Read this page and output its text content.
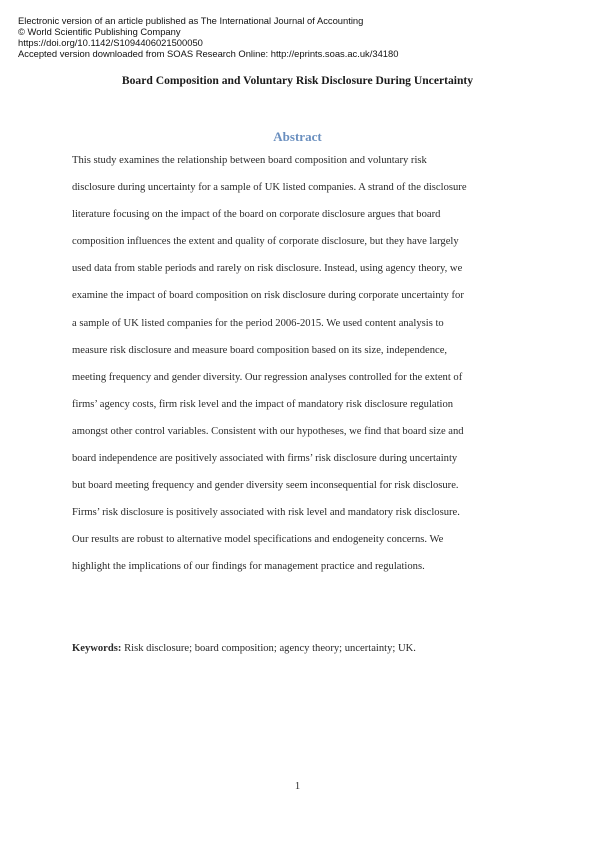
Electronic version of an article published as The International Journal of Accounting
© World Scientific Publishing Company
https://doi.org/10.1142/S1094406021500050
Accepted version downloaded from SOAS Research Online: http://eprints.soas.ac.uk/34180
Board Composition and Voluntary Risk Disclosure During Uncertainty
Abstract
This study examines the relationship between board composition and voluntary risk
disclosure during uncertainty for a sample of UK listed companies. A strand of the disclosure
literature focusing on the impact of the board on corporate disclosure argues that board
composition influences the extent and quality of corporate disclosure, but they have largely
used data from stable periods and rarely on risk disclosure. Instead, using agency theory, we
examine the impact of board composition on risk disclosure during corporate uncertainty for
a sample of UK listed companies for the period 2006-2015. We used content analysis to
measure risk disclosure and measure board composition based on its size, independence,
meeting frequency and gender diversity. Our regression analyses controlled for the extent of
firms’ agency costs, firm risk level and the impact of mandatory risk disclosure regulation
amongst other control variables. Consistent with our hypotheses, we find that board size and
board independence are positively associated with firms’ risk disclosure during uncertainty
but board meeting frequency and gender diversity seem inconsequential for risk disclosure.
Firms’ risk disclosure is positively associated with risk level and mandatory risk disclosure.
Our results are robust to alternative model specifications and endogeneity concerns. We
highlight the implications of our findings for management practice and regulations.
Keywords: Risk disclosure; board composition; agency theory; uncertainty; UK.
1
